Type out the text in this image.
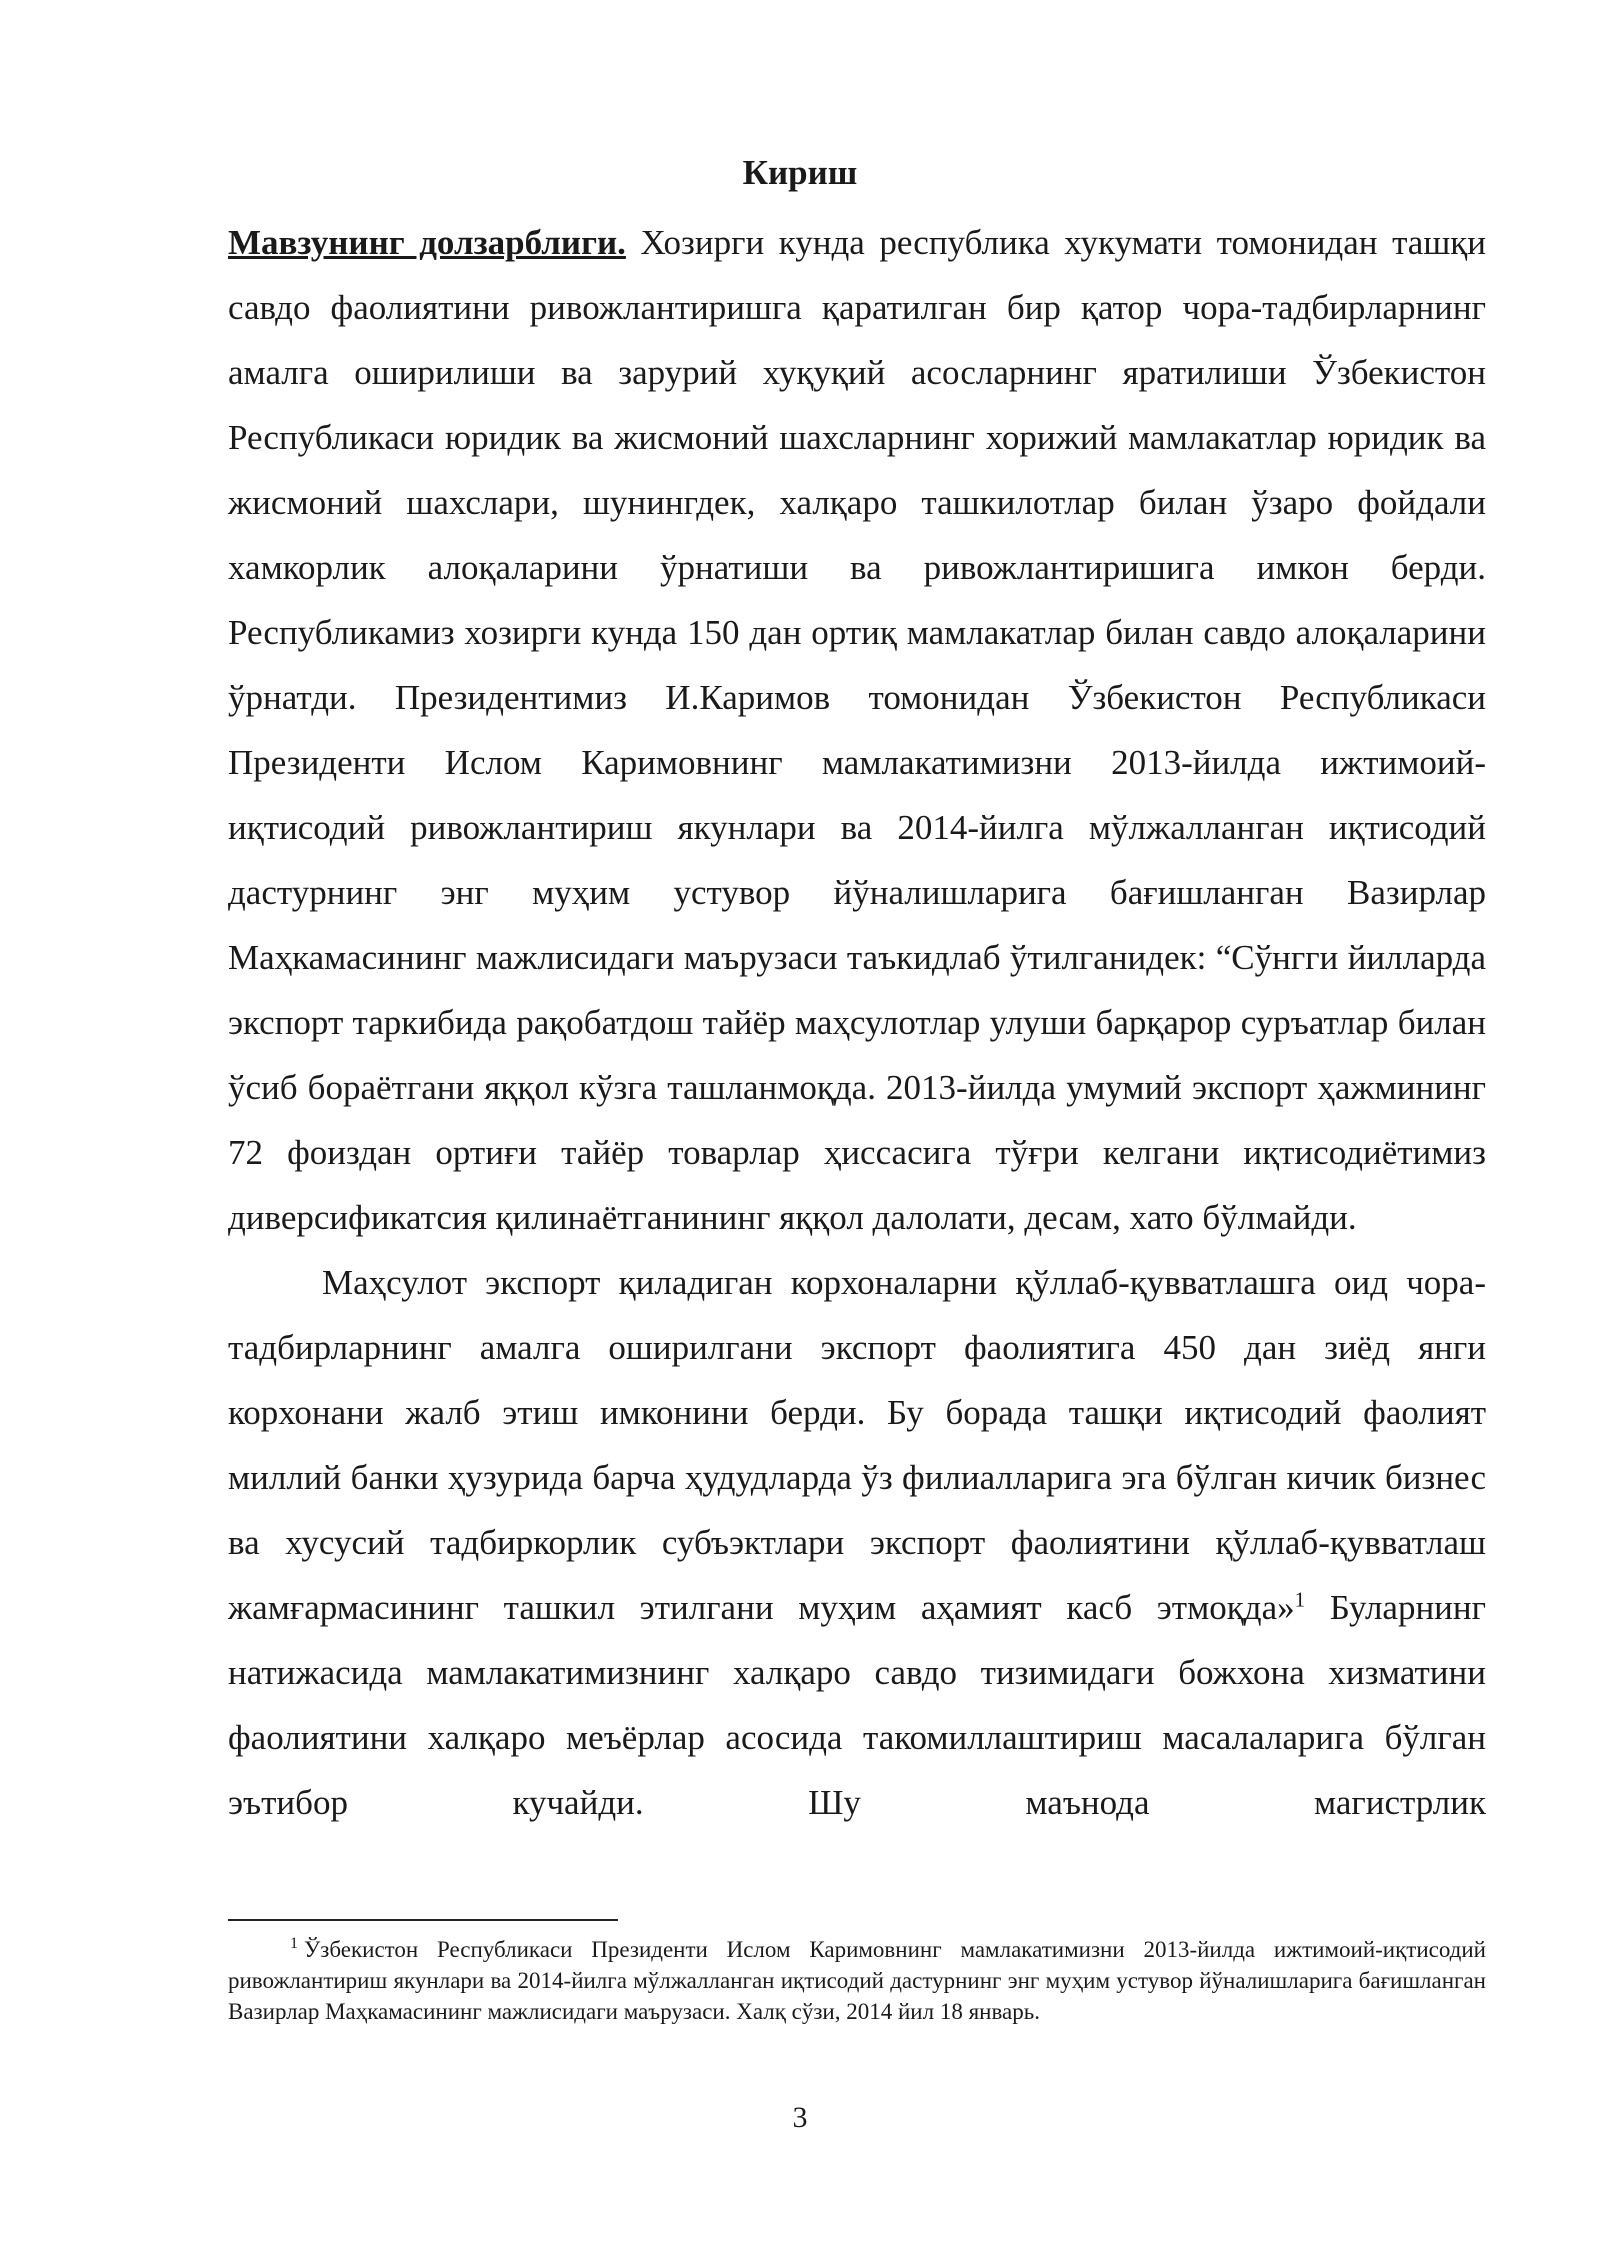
Кириш

Мавзунинг долзарблиги. Хозирги кунда республика хукумати томонидан ташқи савдо фаолиятини ривожлантиришга қаратилган бир қатор чора-тадбирларнинг амалга оширилиши ва зарурий хуқуқий асосларнинг яратилиши Ўзбекистон Республикаси юридик ва жисмоний шахсларнинг хорижий мамлакатлар юридик ва жисмоний шахслари, шунингдек, халқаро ташкилотлар билан ўзаро фойдали хамкорлик алоқаларини ўрнатиши ва ривожлантиришига имкон берди. Республикамиз хозирги кунда 150 дан ортиқ мамлакатлар билан савдо алоқаларини ўрнатди. Президентимиз И.Каримов томонидан Ўзбекистон Республикаси Президенти Ислом Каримовнинг мамлакатимизни 2013-йилда ижтимоий-иқтисодий ривожлантириш якунлари ва 2014-йилга мўлжалланган иқтисодий дастурнинг энг муҳим устувор йўналишларига бағишланган Вазирлар Маҳкамасининг мажлисидаги маърузаси таъкидлаб ўтилганидек: “Сўнгги йилларда экспорт таркибида рақобатдош тайёр маҳсулотлар улуши барқарор суръатлар билан ўсиб бораётгани яққол кўзга ташланмоқда. 2013-йилда умумий экспорт ҳажмининг 72 фоиздан ортиғи тайёр товарлар ҳиссасига тўғри келгани иқтисодиётимиз диверсификатсия қилинаётганининг яққол далолати, десам, хато бўлмайди.

Маҳсулот экспорт қиладиган корхоналарни қўллаб-қувватлашга оид чора-тадбирларнинг амалга оширилгани экспорт фаолиятига 450 дан зиёд янги корхонани жалб этиш имконини берди. Бу борада ташқи иқтисодий фаолият миллий банки ҳузурида барча ҳудудларда ўз филиалларига эга бўлган кичик бизнес ва хусусий тадбиркорлик субъэктлари экспорт фаолиятини қўллаб-қувватлаш жамғармасининг ташкил этилгани муҳим аҳамият касб этмоқда»$^1$ Буларнинг натижасида мамлакатимизнинг халқаро савдо тизимидаги божхона хизматини фаолиятини халқаро меъёрлар асосида такомиллаштириш масалаларига бўлган эътибор кучайди. Шу маънода магистрлик

1 Ўзбекистон Республикаси Президенти Ислом Каримовнинг мамлакатимизни 2013-йилда ижтимоий-иқтисодий ривожлантириш якунлари ва 2014-йилга мўлжалланган иқтисодий дастурнинг энг муҳим устувор йўналишларига бағишланган Вазирлар Маҳкамасининг мажлисидаги маърузаси. Халқ сўзи, 2014 йил 18 январь.

3
